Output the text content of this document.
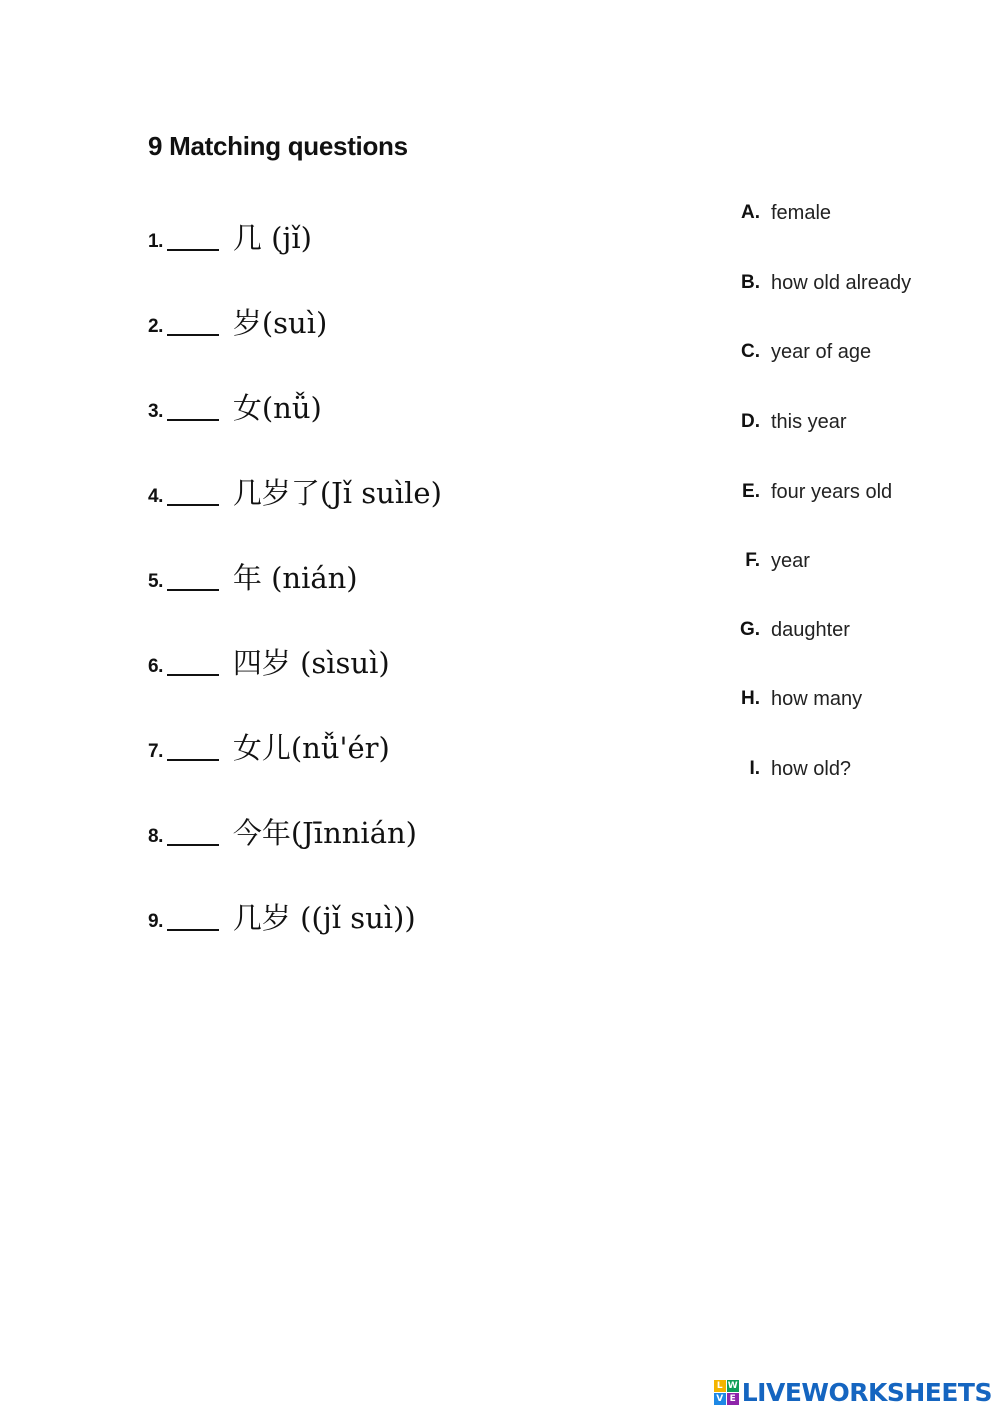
9 Matching questions
1. 几 (jǐ)
2. 岁(suì)
3. 女(nǚ)
4. 几岁了(Jǐ suìle)
5. 年 (nián)
6. 四岁 (sìsuì)
7. 女儿(nǚ'ér)
8. 今年(Jīnnián)
9. 几岁 ((jǐ suì))
A. female
B. how old already
C. year of age
D. this year
E. four years old
F. year
G. daughter
H. how many
I. how old?
L W
V E LIVEWORKSHEETS
